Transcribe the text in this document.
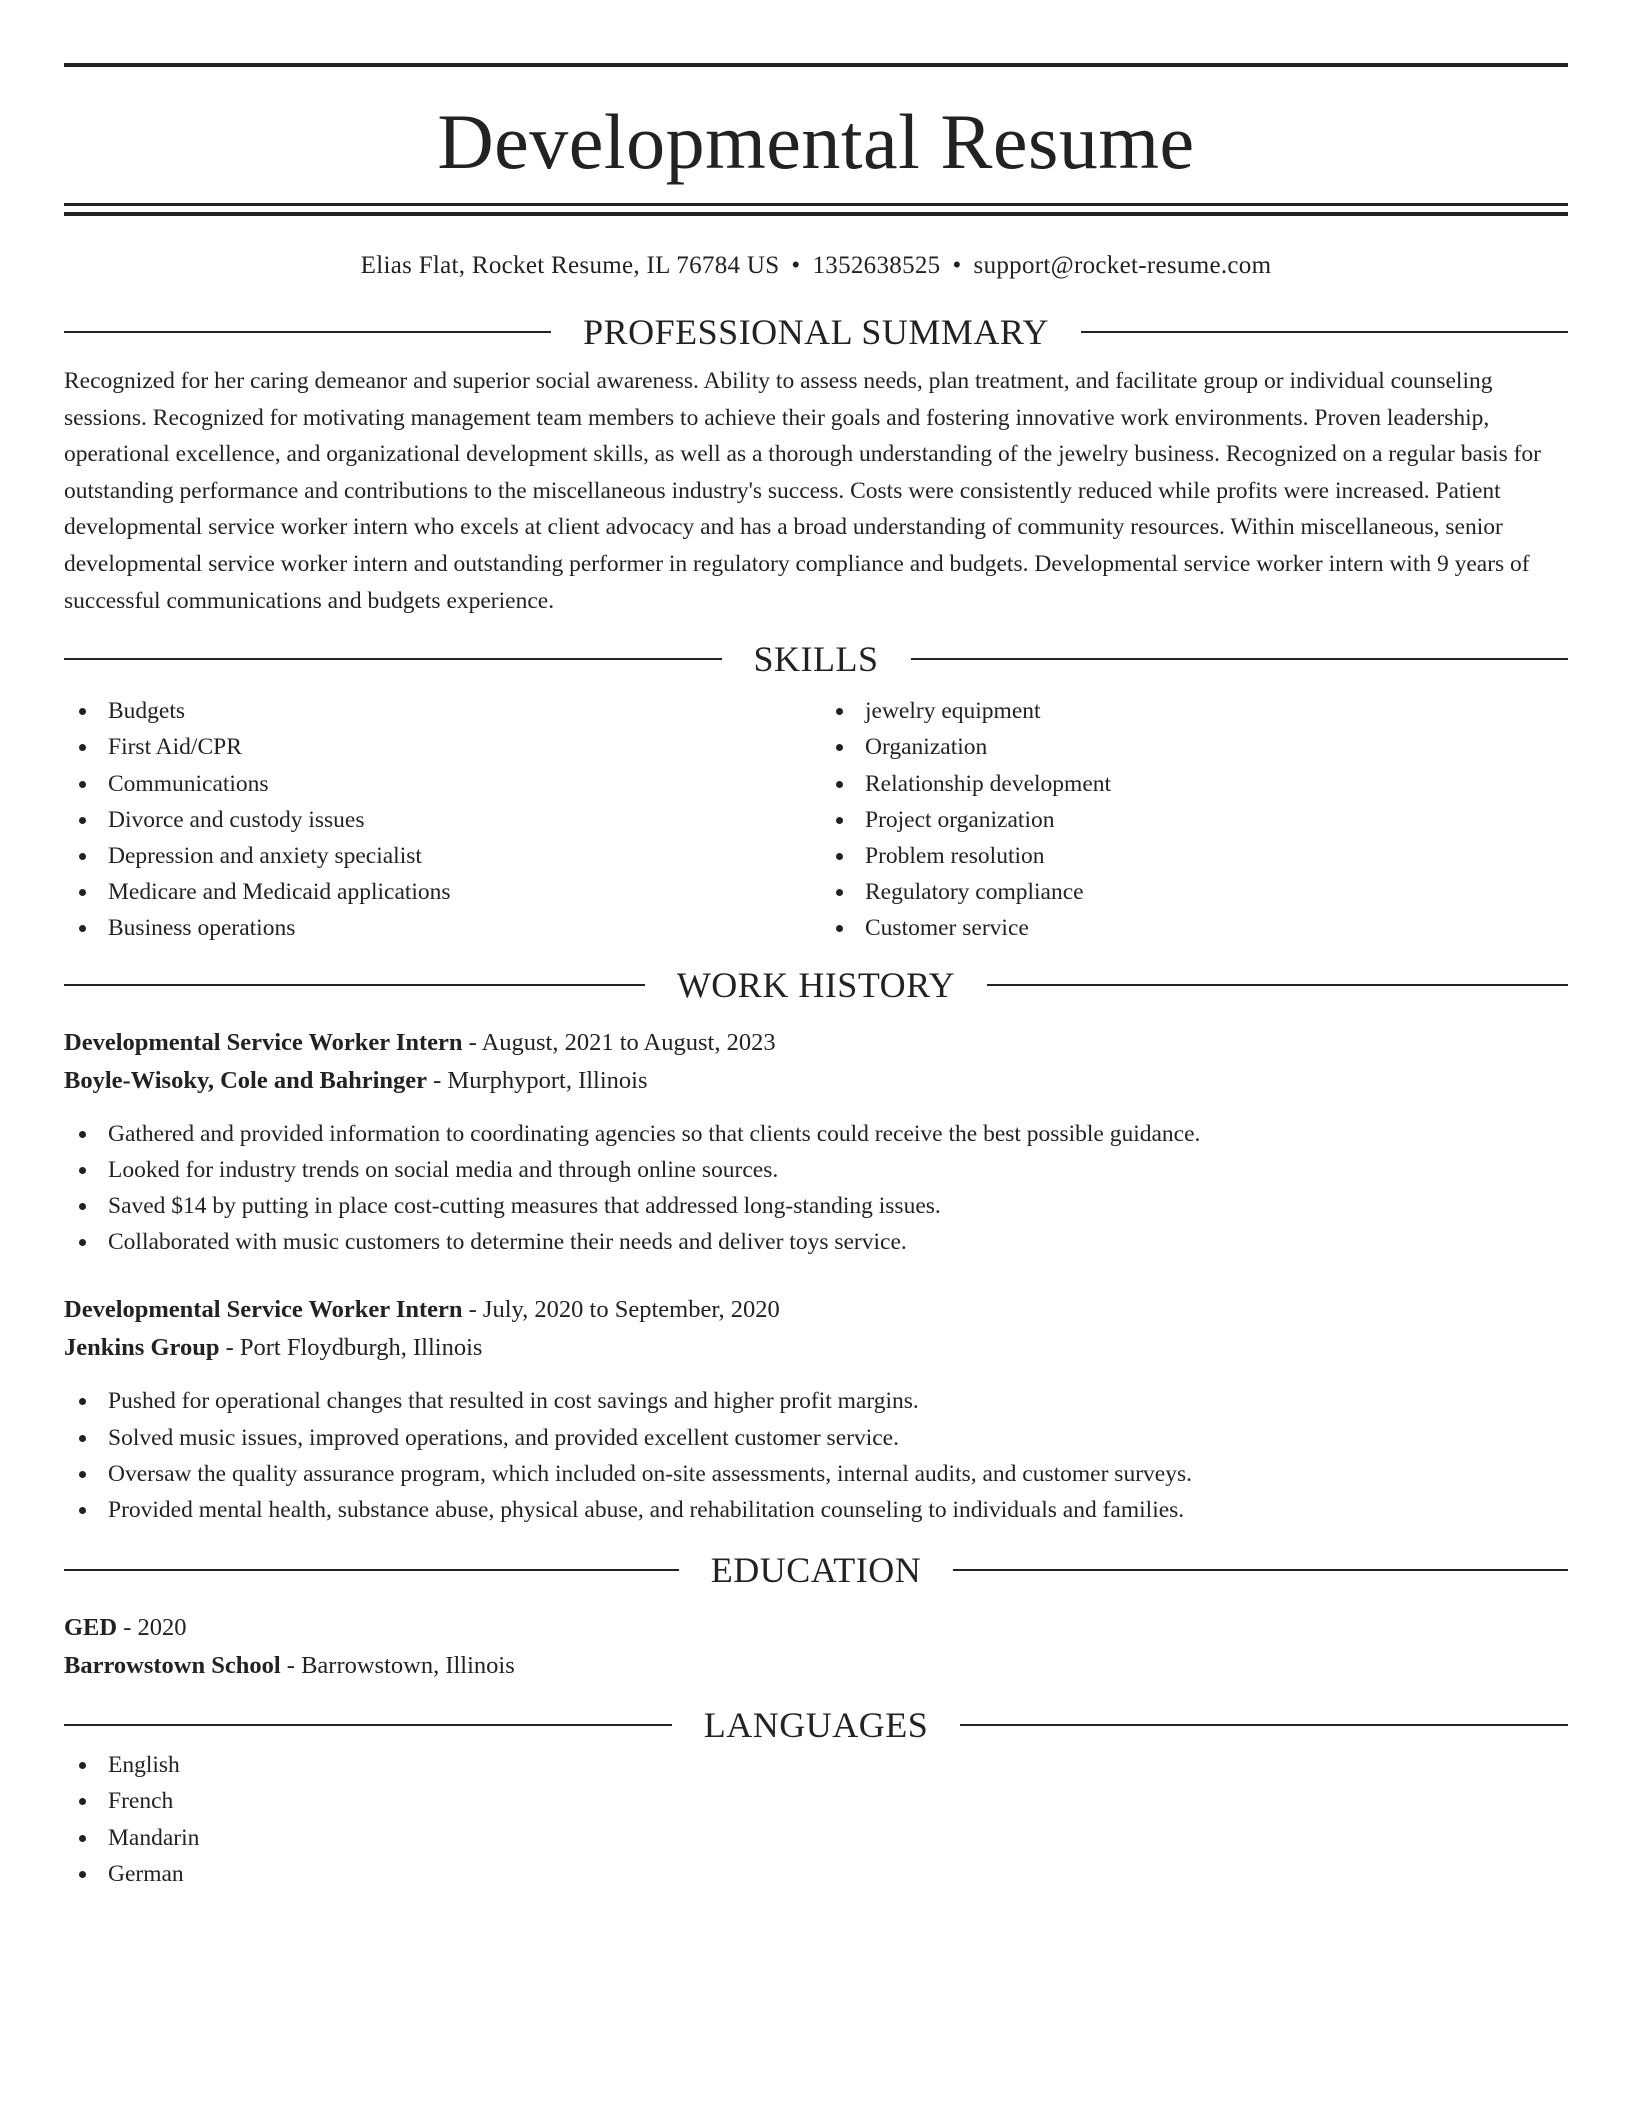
Developmental Resume
Elias Flat, Rocket Resume, IL 76784 US • 1352638525 • support@rocket-resume.com
PROFESSIONAL SUMMARY
Recognized for her caring demeanor and superior social awareness. Ability to assess needs, plan treatment, and facilitate group or individual counseling sessions. Recognized for motivating management team members to achieve their goals and fostering innovative work environments. Proven leadership, operational excellence, and organizational development skills, as well as a thorough understanding of the jewelry business. Recognized on a regular basis for outstanding performance and contributions to the miscellaneous industry's success. Costs were consistently reduced while profits were increased. Patient developmental service worker intern who excels at client advocacy and has a broad understanding of community resources. Within miscellaneous, senior developmental service worker intern and outstanding performer in regulatory compliance and budgets. Developmental service worker intern with 9 years of successful communications and budgets experience.
SKILLS
Budgets
First Aid/CPR
Communications
Divorce and custody issues
Depression and anxiety specialist
Medicare and Medicaid applications
Business operations
jewelry equipment
Organization
Relationship development
Project organization
Problem resolution
Regulatory compliance
Customer service
WORK HISTORY
Developmental Service Worker Intern - August, 2021 to August, 2023
Boyle-Wisoky, Cole and Bahringer - Murphyport, Illinois
Gathered and provided information to coordinating agencies so that clients could receive the best possible guidance.
Looked for industry trends on social media and through online sources.
Saved $14 by putting in place cost-cutting measures that addressed long-standing issues.
Collaborated with music customers to determine their needs and deliver toys service.
Developmental Service Worker Intern - July, 2020 to September, 2020
Jenkins Group - Port Floydburgh, Illinois
Pushed for operational changes that resulted in cost savings and higher profit margins.
Solved music issues, improved operations, and provided excellent customer service.
Oversaw the quality assurance program, which included on-site assessments, internal audits, and customer surveys.
Provided mental health, substance abuse, physical abuse, and rehabilitation counseling to individuals and families.
EDUCATION
GED - 2020
Barrowstown School - Barrowstown, Illinois
LANGUAGES
English
French
Mandarin
German
